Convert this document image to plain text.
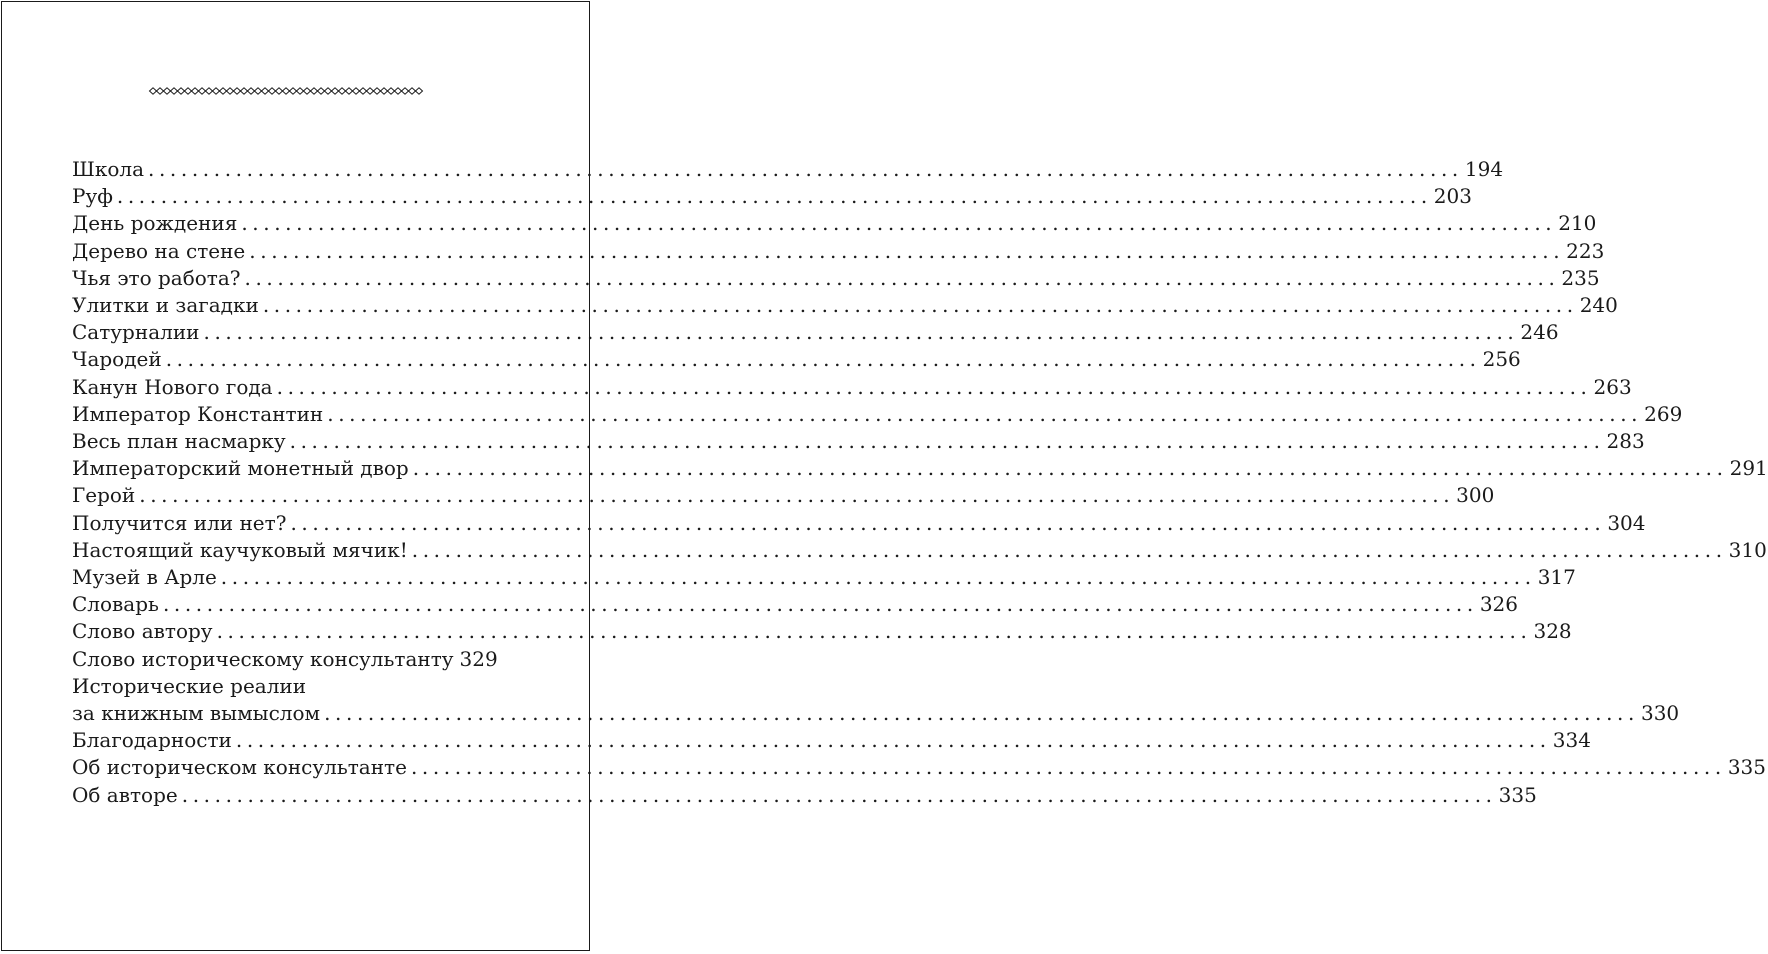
Школа ........................................................................................................................ 194
Руф ........................................................................................................................ 203
День рождения ........................................................................................................................ 210
Дерево на стене ........................................................................................................................ 223
Чья это работа? ........................................................................................................................ 235
Улитки и загадки ........................................................................................................................ 240
Сатурналии ........................................................................................................................ 246
Чародей ........................................................................................................................ 256
Канун Нового года ........................................................................................................................ 263
Император Константин ........................................................................................................................ 269
Весь план насмарку ........................................................................................................................ 283
Императорский монетный двор ........................................................................................................................ 291
Герой ........................................................................................................................ 300
Получится или нет? ........................................................................................................................ 304
Настоящий каучуковый мячик! ........................................................................................................................ 310
Музей в Арле ........................................................................................................................ 317
Словарь ........................................................................................................................ 326
Слово автору ........................................................................................................................ 328
Слово историческому консультанту 329
Исторические реалии
за книжным вымыслом ........................................................................................................................ 330
Благодарности ........................................................................................................................ 334
Об историческом консультанте ........................................................................................................................ 335
Об авторе ........................................................................................................................ 335
